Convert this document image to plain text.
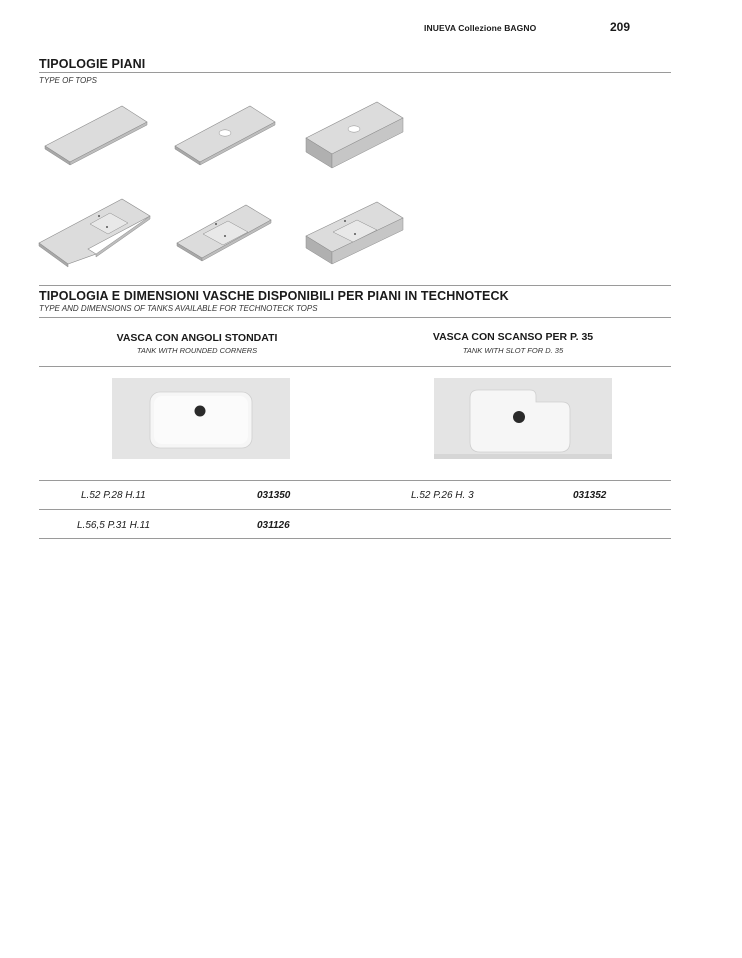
INUEVA Collezione BAGNO	209
TIPOLOGIE PIANI
TYPE OF TOPS
TIPOLOGIA E DIMENSIONI VASCHE DISPONIBILI PER PIANI IN TECHNOTECK
TYPE AND DIMENSIONS OF TANKS AVAILABLE FOR TECHNOTECK TOPS
VASCA CON ANGOLI STONDATI
TANK WITH ROUNDED CORNERS
VASCA CON SCANSO PER P. 35
TANK WITH SLOT FOR D. 35
L.52 P.28 H.11	031350	L.52 P.26 H. 3	031352
L.56,5 P.31 H.11	031126
